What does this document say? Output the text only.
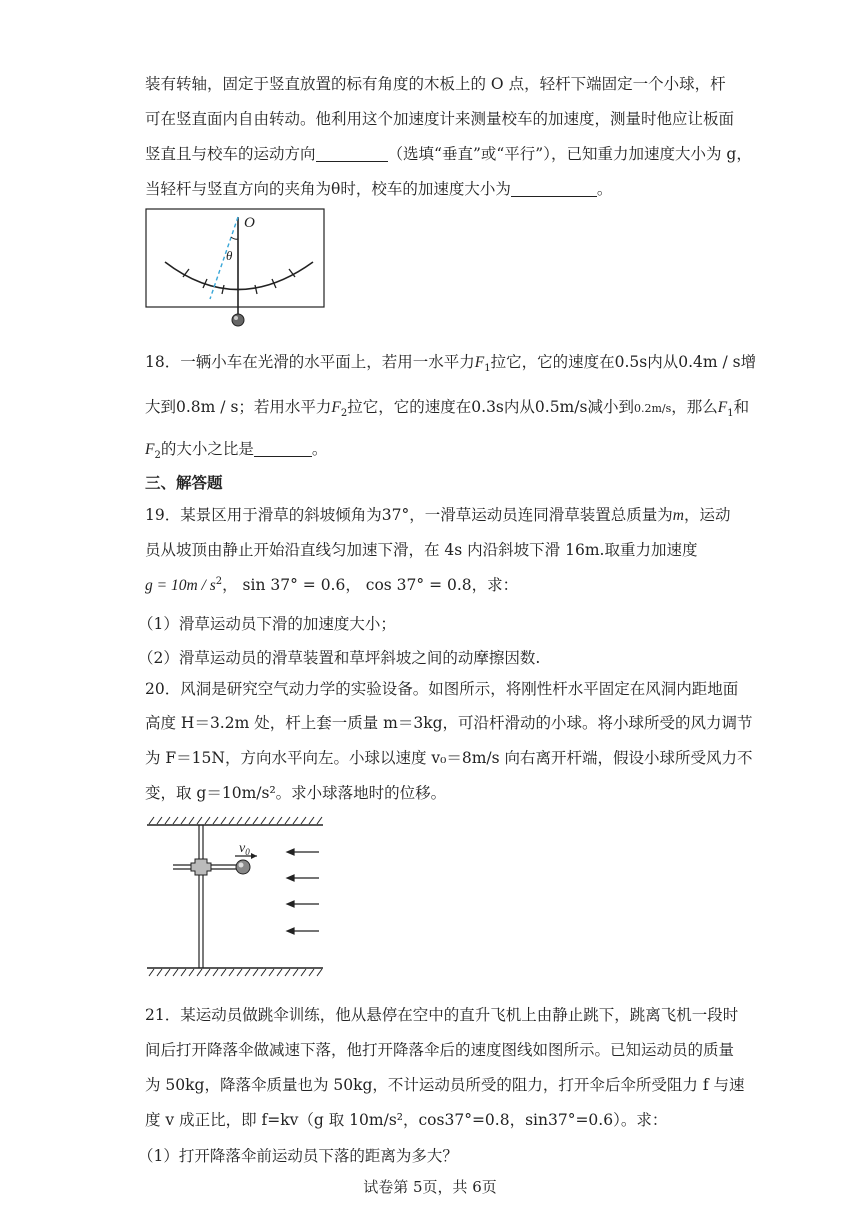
装有转轴，固定于竖直放置的标有角度的木板上的 O 点，轻杆下端固定一个小球，杆
可在竖直面内自由转动。他利用这个加速度计来测量校车的加速度，测量时他应让板面
竖直且与校车的运动方向	（选填“垂直”或“平行”），已知重力加速度大小为 g，
当轻杆与竖直方向的夹角为θ时，校车的加速度大小为	。
O
θ
18．一辆小车在光滑的水平面上，若用一水平力$F_1$拉它，它的速度在0.5s内从0.4m / s增
大到0.8m / s；若用水平力$F_2$拉它，它的速度在0.3s内从0.5m/s减小到0.2m/s，那么$F_1$和
$F_2$的大小之比是	。
三、解答题
19．某景区用于滑草的斜坡倾角为37°，一滑草运动员连同滑草装置总质量为m，运动
员从坡顶由静止开始沿直线匀加速下滑，在 4s 内沿斜坡下滑 16m.取重力加速度
$g = 10m / s^2$， sin 37° = 0.6， cos 37° = 0.8，求：
（1）滑草运动员下滑的加速度大小；
（2）滑草运动员的滑草装置和草坪斜坡之间的动摩擦因数.
20．风洞是研究空气动力学的实验设备。如图所示，将刚性杆水平固定在风洞内距地面
高度 H＝3.2m 处，杆上套一质量 m＝3kg，可沿杆滑动的小球。将小球所受的风力调节
为 F＝15N，方向水平向左。小球以速度 v₀＝8m/s 向右离开杆端，假设小球所受风力不
变，取 g＝10m/s²。求小球落地时的位移。
$v_0$
21．某运动员做跳伞训练，他从悬停在空中的直升飞机上由静止跳下，跳离飞机一段时
间后打开降落伞做减速下落，他打开降落伞后的速度图线如图所示。已知运动员的质量
为 50kg，降落伞质量也为 50kg，不计运动员所受的阻力，打开伞后伞所受阻力 f 与速
度 v 成正比，即 f=kv（g 取 10m/s²，cos37°=0.8，sin37°=0.6）。求：
（1）打开降落伞前运动员下落的距离为多大？
试卷第 5页，共 6页
